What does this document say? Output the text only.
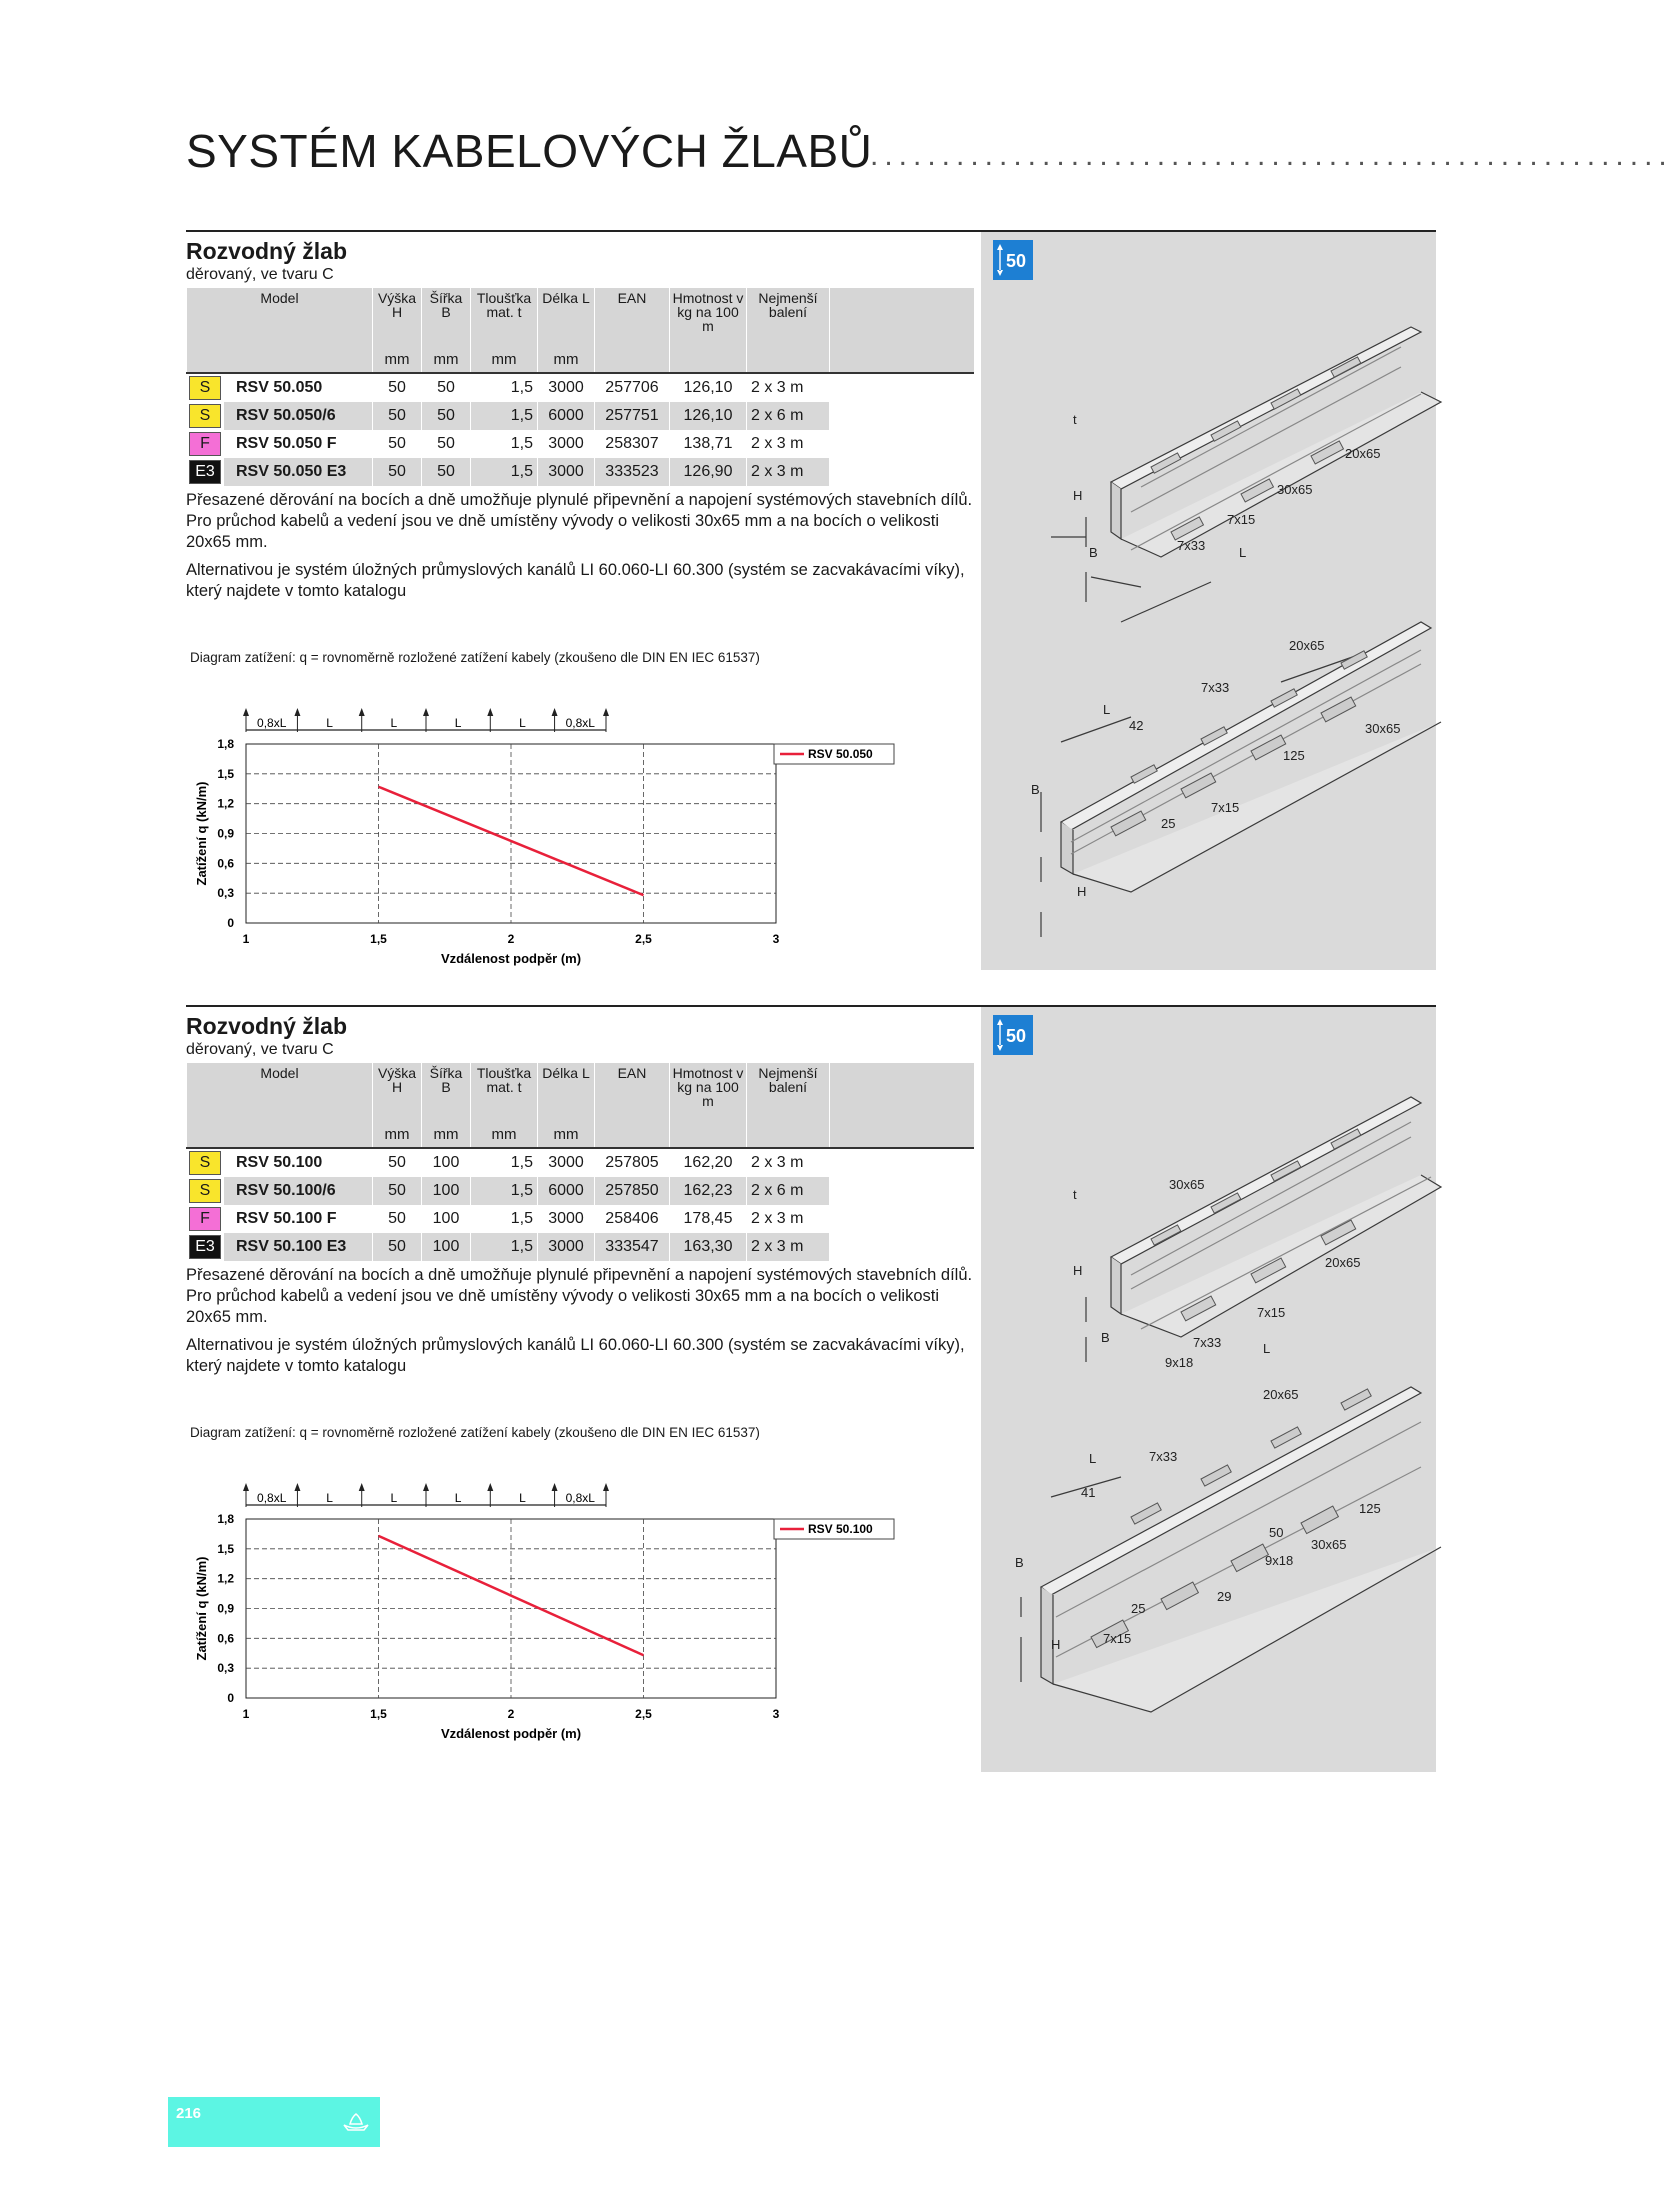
SYSTÉM KABELOVÝCH ŽLABŮ
........................................................
Rozvodný žlab
děrovaný, ve tvaru C
Model		Výška H	Šířka B	Tloušťka mat. t	Délka L	EAN	Hmotnost v kg na 100 m	Nejmenší balení	
		mm	mm	mm	mm				

S	RSV 50.050	50	50	1,5	3000	257706	126,10	2 x 3 m	

S	RSV 50.050/6	50	50	1,5	6000	257751	126,10	2 x 6 m	

F	RSV 50.050 F	50	50	1,5	3000	258307	138,71	2 x 3 m	

E3	RSV 50.050 E3	50	50	1,5	3000	333523	126,90	2 x 3 m	

Přesazené děrování na bocích a dně umožňuje plynulé připevnění a napojení systémových stavebních dílů.
Pro průchod kabelů a vedení jsou ve dně umístěny vývody o velikosti 30x65 mm a na bocích o velikosti 20x65 mm.

Alternativou je systém úložných průmyslových kanálů LI 60.060-LI 60.300 (systém se zacvakávacími víky), který najdete v tomto katalogu

Diagram zatížení: q = rovnoměrně rozložené zatížení kabely (zkoušeno dle DIN EN IEC 61537)
0
0,3
0,6
0,9
1,2
1,5
1,8
1	1,5	2	2,5	3
Vzdálenost podpěr (m)
Zatížení q (kN/m)
0,8xL	L	L	L	L	0,8xL
RSV 50.050
50
t
H
B	L
7x33
7x15
30x65
20x65
20x65
7x33
L
42	30x65
125
B
7x15
25
H
Rozvodný žlab
děrovaný, ve tvaru C
Model		Výška H	Šířka B	Tloušťka mat. t	Délka L	EAN	Hmotnost v kg na 100 m	Nejmenší balení	
		mm	mm	mm	mm				

S	RSV 50.100	50	100	1,5	3000	257805	162,20	2 x 3 m	

S	RSV 50.100/6	50	100	1,5	6000	257850	162,23	2 x 6 m	

F	RSV 50.100 F	50	100	1,5	3000	258406	178,45	2 x 3 m	

E3	RSV 50.100 E3	50	100	1,5	3000	333547	163,30	2 x 3 m	

Přesazené děrování na bocích a dně umožňuje plynulé připevnění a napojení systémových stavebních dílů.
Pro průchod kabelů a vedení jsou ve dně umístěny vývody o velikosti 30x65 mm a na bocích o velikosti 20x65 mm.

Alternativou je systém úložných průmyslových kanálů LI 60.060-LI 60.300 (systém se zacvakávacími víky), který najdete v tomto katalogu

Diagram zatížení: q = rovnoměrně rozložené zatížení kabely (zkoušeno dle DIN EN IEC 61537)
0
0,3
0,6
0,9
1,2
1,5
1,8
1	1,5	2	2,5	3
Vzdálenost podpěr (m)
Zatížení q (kN/m)
0,8xL	L	L	L	L	0,8xL
RSV 50.100
50
t
30x65
H
B
9x18
7x33
7x15
L
20x65
20x65
7x33
L
41
125
50
30x65
9x18
B
25
29
7x15
H
216
